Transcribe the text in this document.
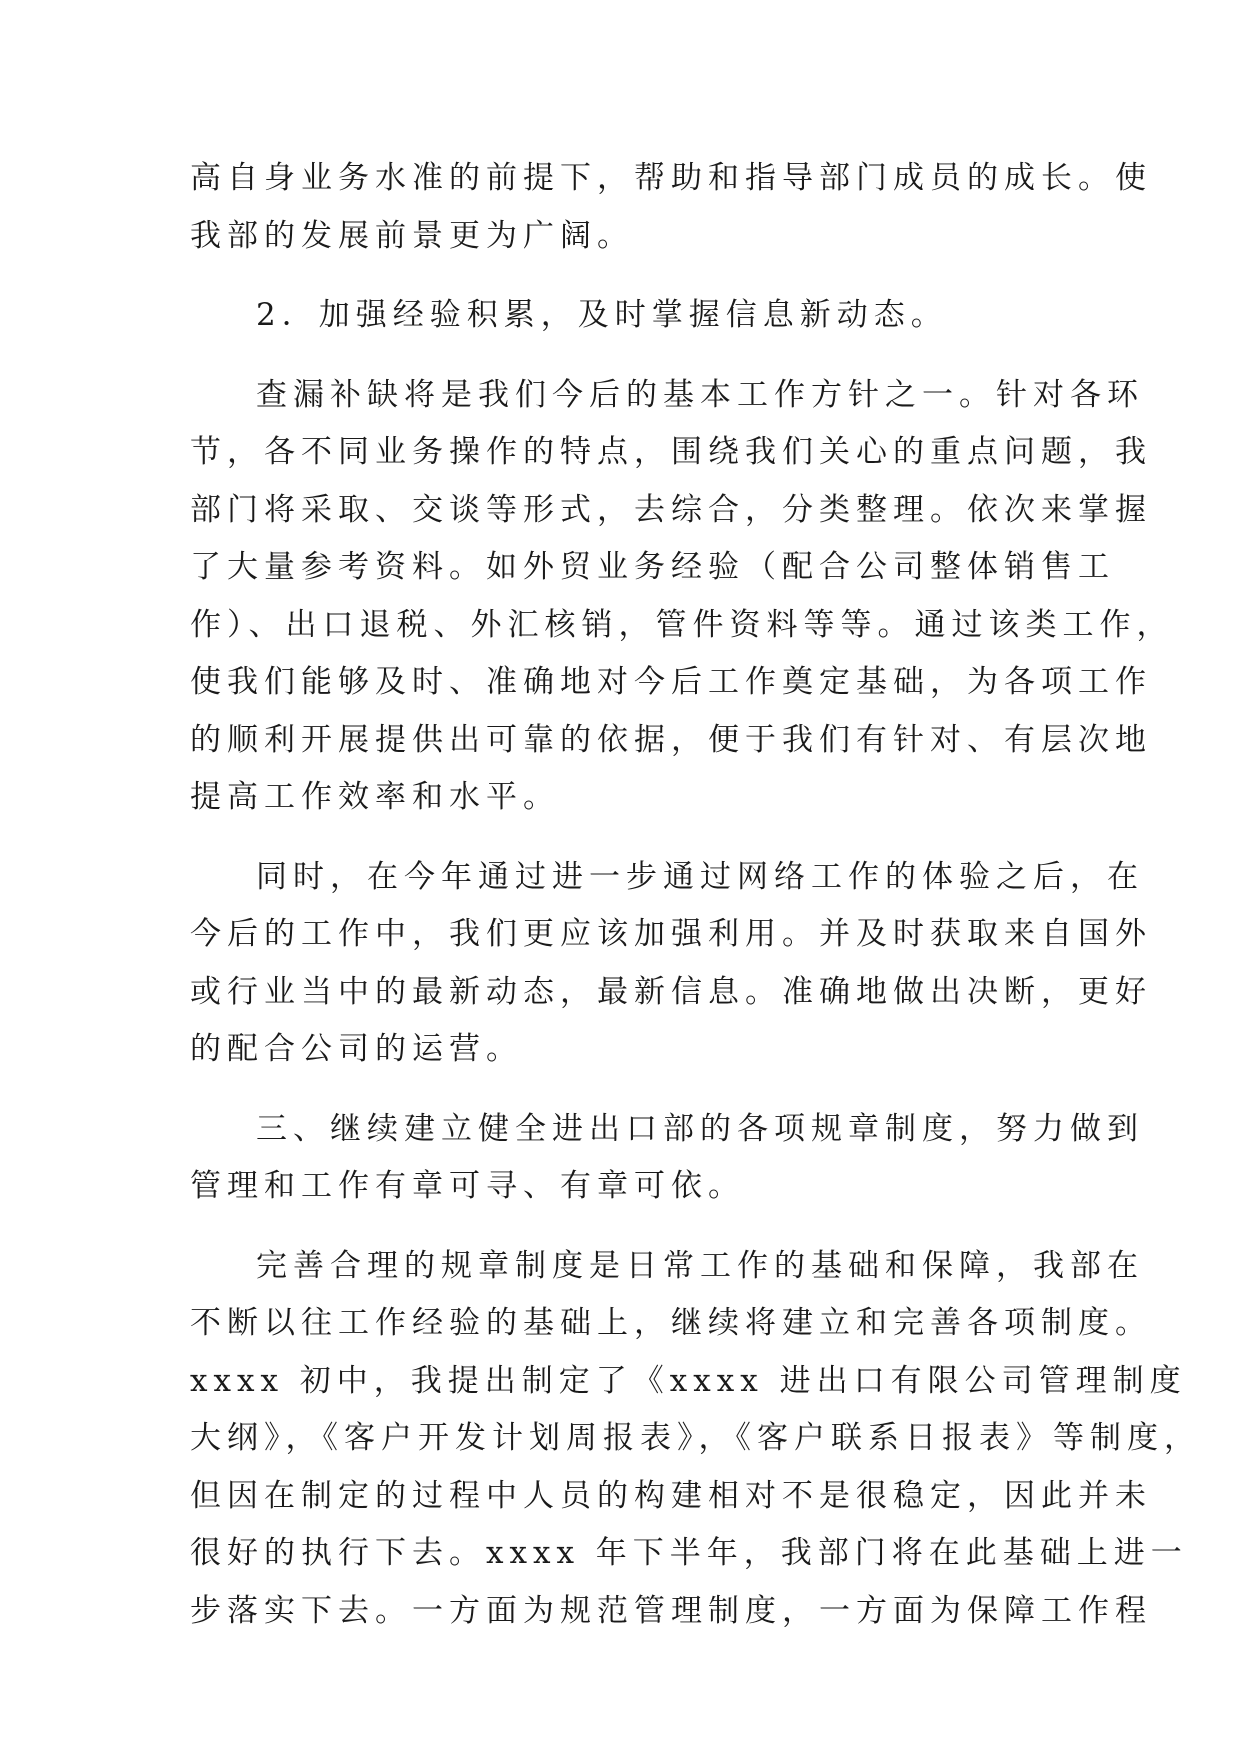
高自身业务水准的前提下，帮助和指导部门成员的成长。使
我部的发展前景更为广阔。
2．加强经验积累，及时掌握信息新动态。
查漏补缺将是我们今后的基本工作方针之一。针对各环
节，各不同业务操作的特点，围绕我们关心的重点问题，我
部门将采取、交谈等形式，去综合，分类整理。依次来掌握
了大量参考资料。如外贸业务经验（配合公司整体销售工
作）、出口退税、外汇核销，管件资料等等。通过该类工作，
使我们能够及时、准确地对今后工作奠定基础，为各项工作
的顺利开展提供出可靠的依据，便于我们有针对、有层次地
提高工作效率和水平。
同时，在今年通过进一步通过网络工作的体验之后，在
今后的工作中，我们更应该加强利用。并及时获取来自国外
或行业当中的最新动态，最新信息。准确地做出决断，更好
的配合公司的运营。
三、继续建立健全进出口部的各项规章制度，努力做到
管理和工作有章可寻、有章可依。
完善合理的规章制度是日常工作的基础和保障，我部在
不断以往工作经验的基础上，继续将建立和完善各项制度。
xxxx 初中，我提出制定了《xxxx 进出口有限公司管理制度
大纲》，《客户开发计划周报表》，《客户联系日报表》等制度，
但因在制定的过程中人员的构建相对不是很稳定，因此并未
很好的执行下去。xxxx 年下半年，我部门将在此基础上进一
步落实下去。一方面为规范管理制度，一方面为保障工作程
